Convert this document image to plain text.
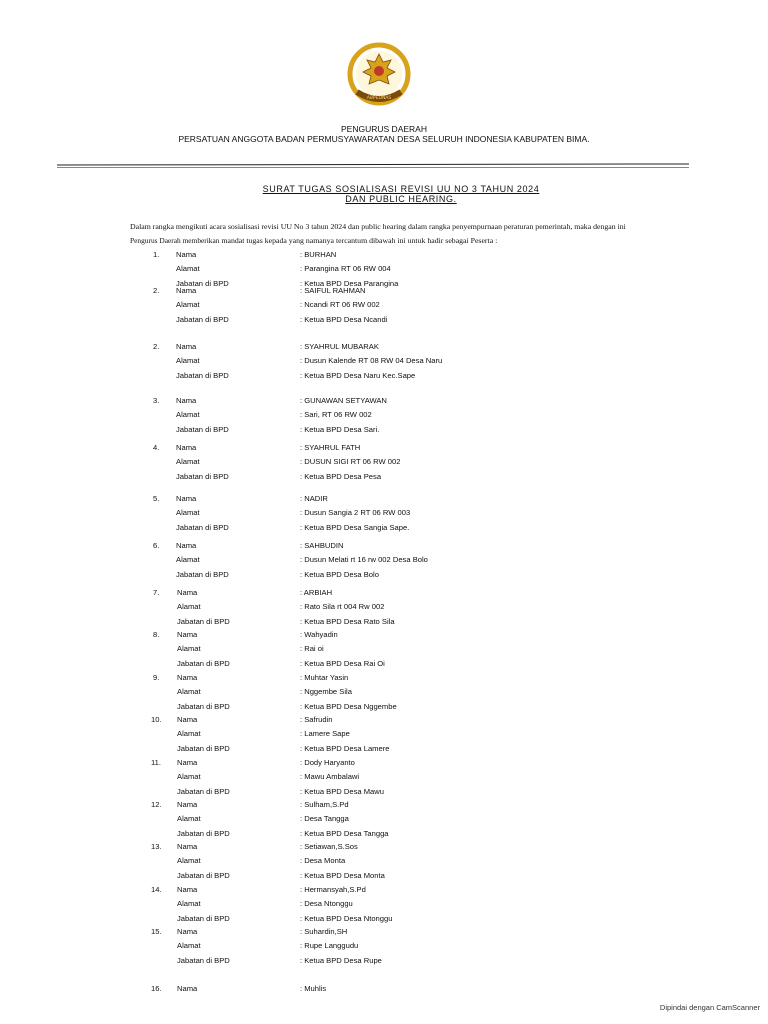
ABPEDNAS
PENGURUS DAERAH
PERSATUAN ANGGOTA BADAN PERMUSYAWARATAN DESA SELURUH INDONESIA KABUPATEN BIMA.
SURAT TUGAS SOSIALISASI REVISI UU NO 3 TAHUN 2024
DAN PUBLIC HEARING.
Dalam rangka mengikuti acara sosialisasi revisi UU No 3 tahun 2024 dan public hearing dalam rangka penyempurnaan peraturan pemerintah, maka dengan ini
Pengurus Daerah memberikan mandat tugas kepada yang namanya tercantum dibawah ini untuk hadir sebagai Peserta :
1. Nama	: BURHAN
Alamat	: Parangina RT 06 RW 004
Jabatan di BPD	: Ketua BPD Desa Parangina
2. Nama	: SAIFUL RAHMAN
Alamat	: Ncandi RT 06 RW 002
Jabatan di BPD	: Ketua BPD Desa Ncandi
2. Nama	: SYAHRUL MUBARAK
Alamat	: Dusun Kalende RT 08 RW 04 Desa Naru
Jabatan di BPD	: Ketua BPD Desa Naru Kec.Sape
3. Nama	: GUNAWAN SETYAWAN
Alamat	: Sari, RT 06 RW 002
Jabatan di BPD	: Ketua BPD Desa Sari.
4. Nama	: SYAHRUL FATH
Alamat	: DUSUN SIGI RT 06 RW 002
Jabatan di BPD	: Ketua BPD Desa Pesa
5. Nama	: NADIR
Alamat	: Dusun Sangia 2 RT 06 RW 003
Jabatan di BPD	: Ketua BPD Desa Sangia Sape.
6. Nama	: SAHBUDIN
Alamat	: Dusun Melati rt 16 rw 002 Desa Bolo
Jabatan di BPD	: Ketua BPD Desa Bolo
7. Nama	: ARBIAH
Alamat	: Rato Sila rt 004 Rw 002
Jabatan di BPD	: Ketua BPD Desa Rato Sila
8. Nama	: Wahyadin
Alamat	: Rai oi
Jabatan di BPD	: Ketua BPD Desa Rai Oi
9. Nama	: Muhtar Yasin
Alamat	: Nggembe Sila
Jabatan di BPD	: Ketua BPD Desa Nggembe
10. Nama	: Safrudin
Alamat	: Lamere Sape
Jabatan di BPD	: Ketua BPD Desa Lamere
11. Nama	: Dody Haryanto
Alamat	: Mawu Ambalawi
Jabatan di BPD	: Ketua BPD Desa Mawu
12. Nama	: Sulham,S.Pd
Alamat	: Desa Tangga
Jabatan di BPD	: Ketua BPD Desa Tangga
13. Nama	: Setiawan,S.Sos
Alamat	: Desa Monta
Jabatan di BPD	: Ketua BPD Desa Monta
14. Nama	: Hermansyah,S.Pd
Alamat	: Desa Ntonggu
Jabatan di BPD	: Ketua BPD Desa Ntonggu
15. Nama	: Suhardin,SH
Alamat	: Rupe Langgudu
Jabatan di BPD	: Ketua BPD Desa Rupe
16. Nama	: Muhlis
Dipindai dengan CamScanner
